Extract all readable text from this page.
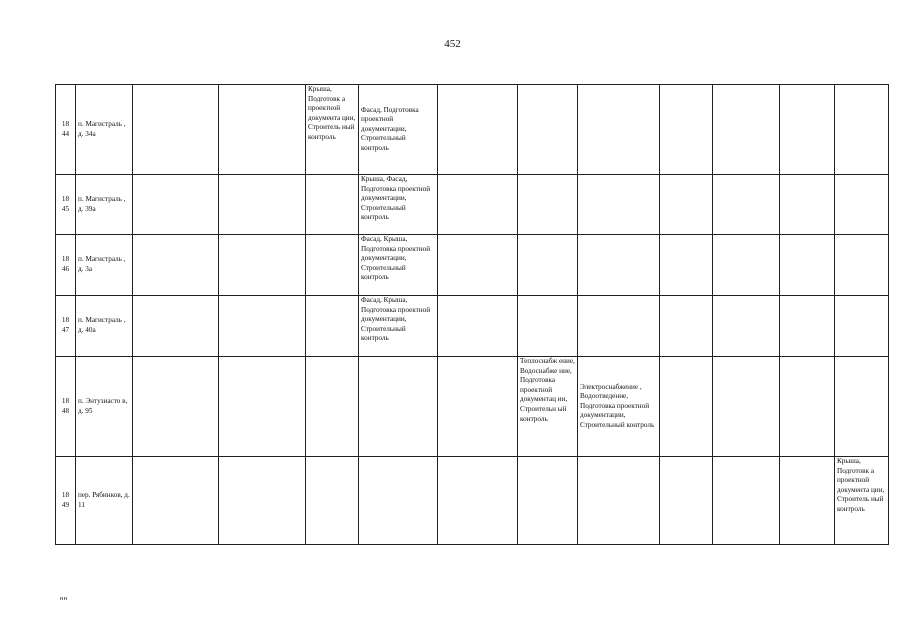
452
18 44	п. Магистраль , д. 34а			Крыша, Подготовк а проектной документа ции, Строитель ный контроль	Фасад, Подготовка проектной документации, Строительный контроль							
18 45	п. Магистраль , д. 39а				Крыша, Фасад, Подготовка проектной документации, Строительный контроль							
18 46	п. Магистраль , д. 3а				Фасад, Крыша, Подготовка проектной документации, Строительный контроль							
18 47	п. Магистраль , д. 40а				Фасад, Крыша, Подготовка проектной документации, Строительный контроль							
18 48	п. Энтузиасто в, д. 95						Теплоснабж ение, Водоснабже ние, Подготовка проектной документац ии, Строительн ый контроль	Электроснабжение , Водоотведение, Подготовка проектной документации, Строительный контроль				
18 49	пер. Рябинков, д. 11											Крыша, Подготовк а проектной документа ции, Строитель ный контроль
нн
